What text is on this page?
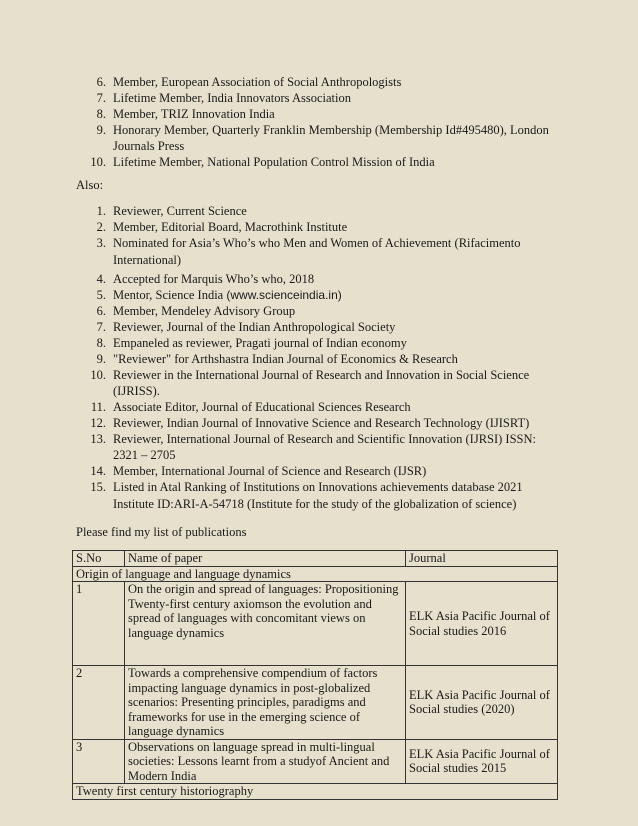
6. Member, European Association of Social Anthropologists
7. Lifetime Member, India Innovators Association
8. Member, TRIZ Innovation India
9. Honorary Member, Quarterly Franklin Membership (Membership Id#495480), London Journals Press
10. Lifetime Member, National Population Control Mission of India
Also:
1. Reviewer, Current Science
2. Member, Editorial Board, Macrothink Institute
3. Nominated for Asia’s Who’s who Men and Women of Achievement (Rifacimento International)
4. Accepted for Marquis Who’s who, 2018
5. Mentor, Science India (www.scienceindia.in)
6. Member, Mendeley Advisory Group
7. Reviewer, Journal of the Indian Anthropological Society
8. Empaneled as reviewer, Pragati journal of Indian economy
9. "Reviewer" for Arthshastra Indian Journal of Economics & Research
10. Reviewer in the International Journal of Research and Innovation in Social Science (IJRISS).
11. Associate Editor, Journal of Educational Sciences Research
12. Reviewer, Indian Journal of Innovative Science and Research Technology (IJISRT)
13. Reviewer, International Journal of Research and Scientific Innovation (IJRSI) ISSN: 2321 – 2705
14. Member, International Journal of Science and Research (IJSR)
15. Listed in Atal Ranking of Institutions on Innovations achievements database 2021 Institute ID:ARI-A-54718 (Institute for the study of the globalization of science)
Please find my list of publications
S.No	Name of paper	Journal
Origin of language and language dynamics		
1	On the origin and spread of languages: Propositioning Twenty-first century axiomson the evolution and spread of languages with concomitant views on language dynamics	ELK Asia Pacific Journal of Social studies 2016
2	Towards a comprehensive compendium of factors impacting language dynamics in post-globalized scenarios: Presenting principles, paradigms and frameworks for use in the emerging science of language dynamics	ELK Asia Pacific Journal of Social studies (2020)
3	Observations on language spread in multi-lingual societies: Lessons learnt from a studyof Ancient and Modern India	ELK Asia Pacific Journal of Social studies 2015
Twenty first century historiography		
